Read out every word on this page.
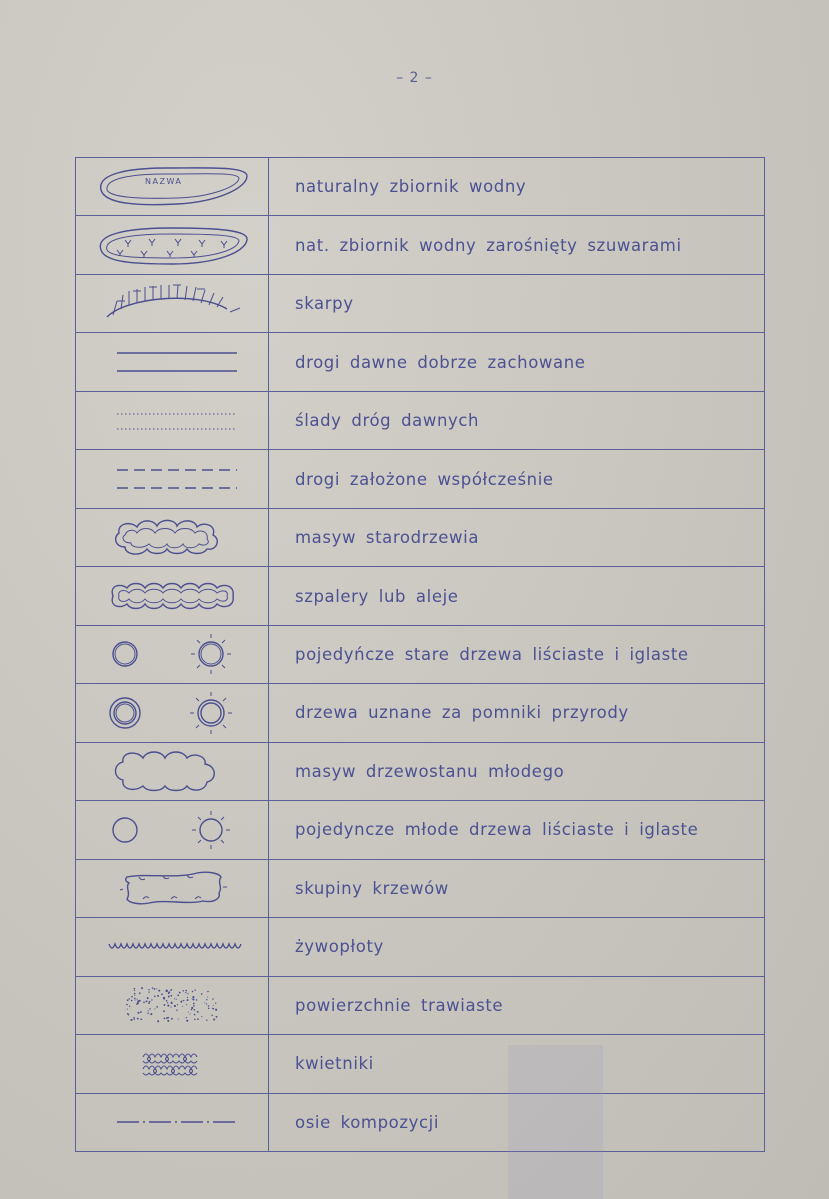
– 2 –
NAZWA	naturalny zbiornik wodny
nat. zbiornik wodny zarośnięty szuwarami
skarpy
drogi dawne dobrze zachowane
ślady dróg dawnych
drogi założone współcześnie
masyw starodrzewia
szpalery lub aleje
pojedyńcze stare drzewa liściaste i iglaste
drzewa uznane za pomniki przyrody
masyw drzewostanu młodego
pojedyncze młode drzewa liściaste i iglaste
skupiny krzewów
żywopłoty
powierzchnie trawiaste
kwietniki
osie kompozycji
